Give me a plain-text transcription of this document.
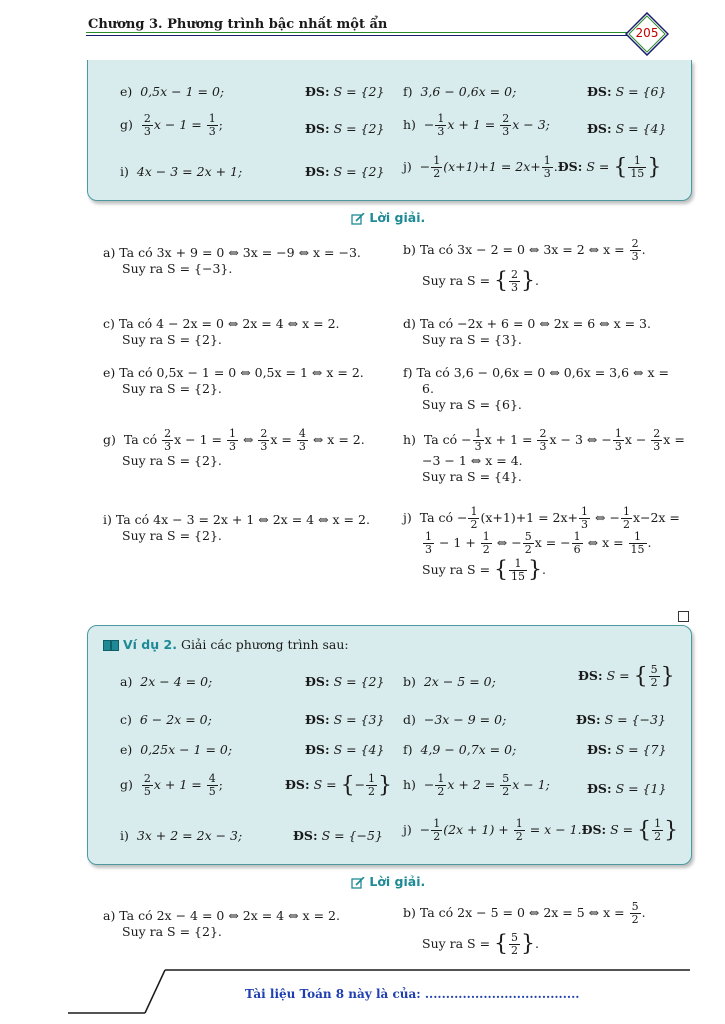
Chương 3. Phương trình bậc nhất một ẩn
205
e) 0,5x − 1 = 0;	ĐS: S = {2} f) 3,6 − 0,6x = 0;	ĐS: S = {6}
$g) \frac{2}{3}$ $x - 1 = \frac{1}{3}$ ;	ĐS: S = {2} $h) - \frac{1}{3}$ $x + 1 = \frac{2}{3}$ x − 3;	ĐS: S = {4}
i) 4x − 3 = 2x + 1;	ĐS: S = {2} $j) - \frac{1}{2} (x+1)+1 = 2x+ \frac{1}{3}$ .ĐS: S = { $\frac{1}{15}$ }
Lời giải.
a) Ta có 3x + 9 = 0 ⇔ 3x = −9 ⇔ x = −3.
Suy ra S = {−3}.
b) Ta có 3x − 2 = 0 ⇔ 3x = 2 ⇔ $x = \frac{2}{3}$ .
Suy ra S = { $\frac{2}{3}$ }.
c) Ta có 4 − 2x = 0 ⇔ 2x = 4 ⇔ x = 2.
Suy ra S = {2}.
d) Ta có −2x + 6 = 0 ⇔ 2x = 6 ⇔ x = 3.
Suy ra S = {3}.
e) Ta có 0,5x − 1 = 0 ⇔ 0,5x = 1 ⇔ x = 2.
Suy ra S = {2}.
f) Ta có 3,6 − 0,6x = 0 ⇔ 0,6x = 3,6 ⇔ x =
6.
Suy ra S = {6}.
g)  Ta có $\frac{2}{3}$ $x - 1 = \frac{1}{3}$ ⇔ $\frac{2}{3}$ $x = \frac{4}{3}$ ⇔ x = 2.
Suy ra S = {2}.
h)  Ta có − $\frac{1}{3}$ $x + 1 = \frac{2}{3}$ x − 3 ⇔ − $\frac{1}{3}$ $x - \frac{2}{3}$ x =
−3 − 1 ⇔ x = 4.
Suy ra S = {4}.
i) Ta có 4x − 3 = 2x + 1 ⇔ 2x = 4 ⇔ x = 2.
Suy ra S = {2}.
j)  Ta có − $\frac{1}{2} (x+1)+1 = 2x+ \frac{1}{3}$ ⇔ − $\frac{1}{2} x-2x$ =
$\frac{1}{3} - 1 + \frac{1}{2}$ ⇔ − $\frac{5}{2}$ x = − $\frac{1}{6}$ ⇔ $x = \frac{1}{15}$ .
Suy ra S = { $\frac{1}{15}$ }.
Ví dụ 2. Giải các phương trình sau:
a) 2x − 4 = 0;	ĐS: S = {2} b) 2x − 5 = 0;	ĐS: S = { $\frac{5}{2}$ }
c) 6 − 2x = 0;	ĐS: S = {3} d) −3x − 9 = 0;	ĐS: S = {−3}
e) 0,25x − 1 = 0;	ĐS: S = {4} f) 4,9 − 0,7x = 0;	ĐS: S = {7}
$g) \frac{2}{5}$ $x + 1 = \frac{4}{5}$ ;	ĐS: S = {− $\frac{1}{2}$ } $h) - \frac{1}{2}$ $x + 2 = \frac{5}{2}$ x − 1;	ĐS: S = {1}
i) 3x + 2 = 2x − 3;	ĐS: S = {−5} $j) - \frac{1}{2} (2x + 1) + \frac{1}{2} = x$ − 1.ĐS: S = { $\frac{1}{2}$ }
Lời giải.
a) Ta có 2x − 4 = 0 ⇔ 2x = 4 ⇔ x = 2.
Suy ra S = {2}.
b) Ta có 2x − 5 = 0 ⇔ 2x = 5 ⇔ $x = \frac{5}{2}$ .
Suy ra S = { $\frac{5}{2}$ }.
Tài liệu Toán 8 này là của: .....................................
